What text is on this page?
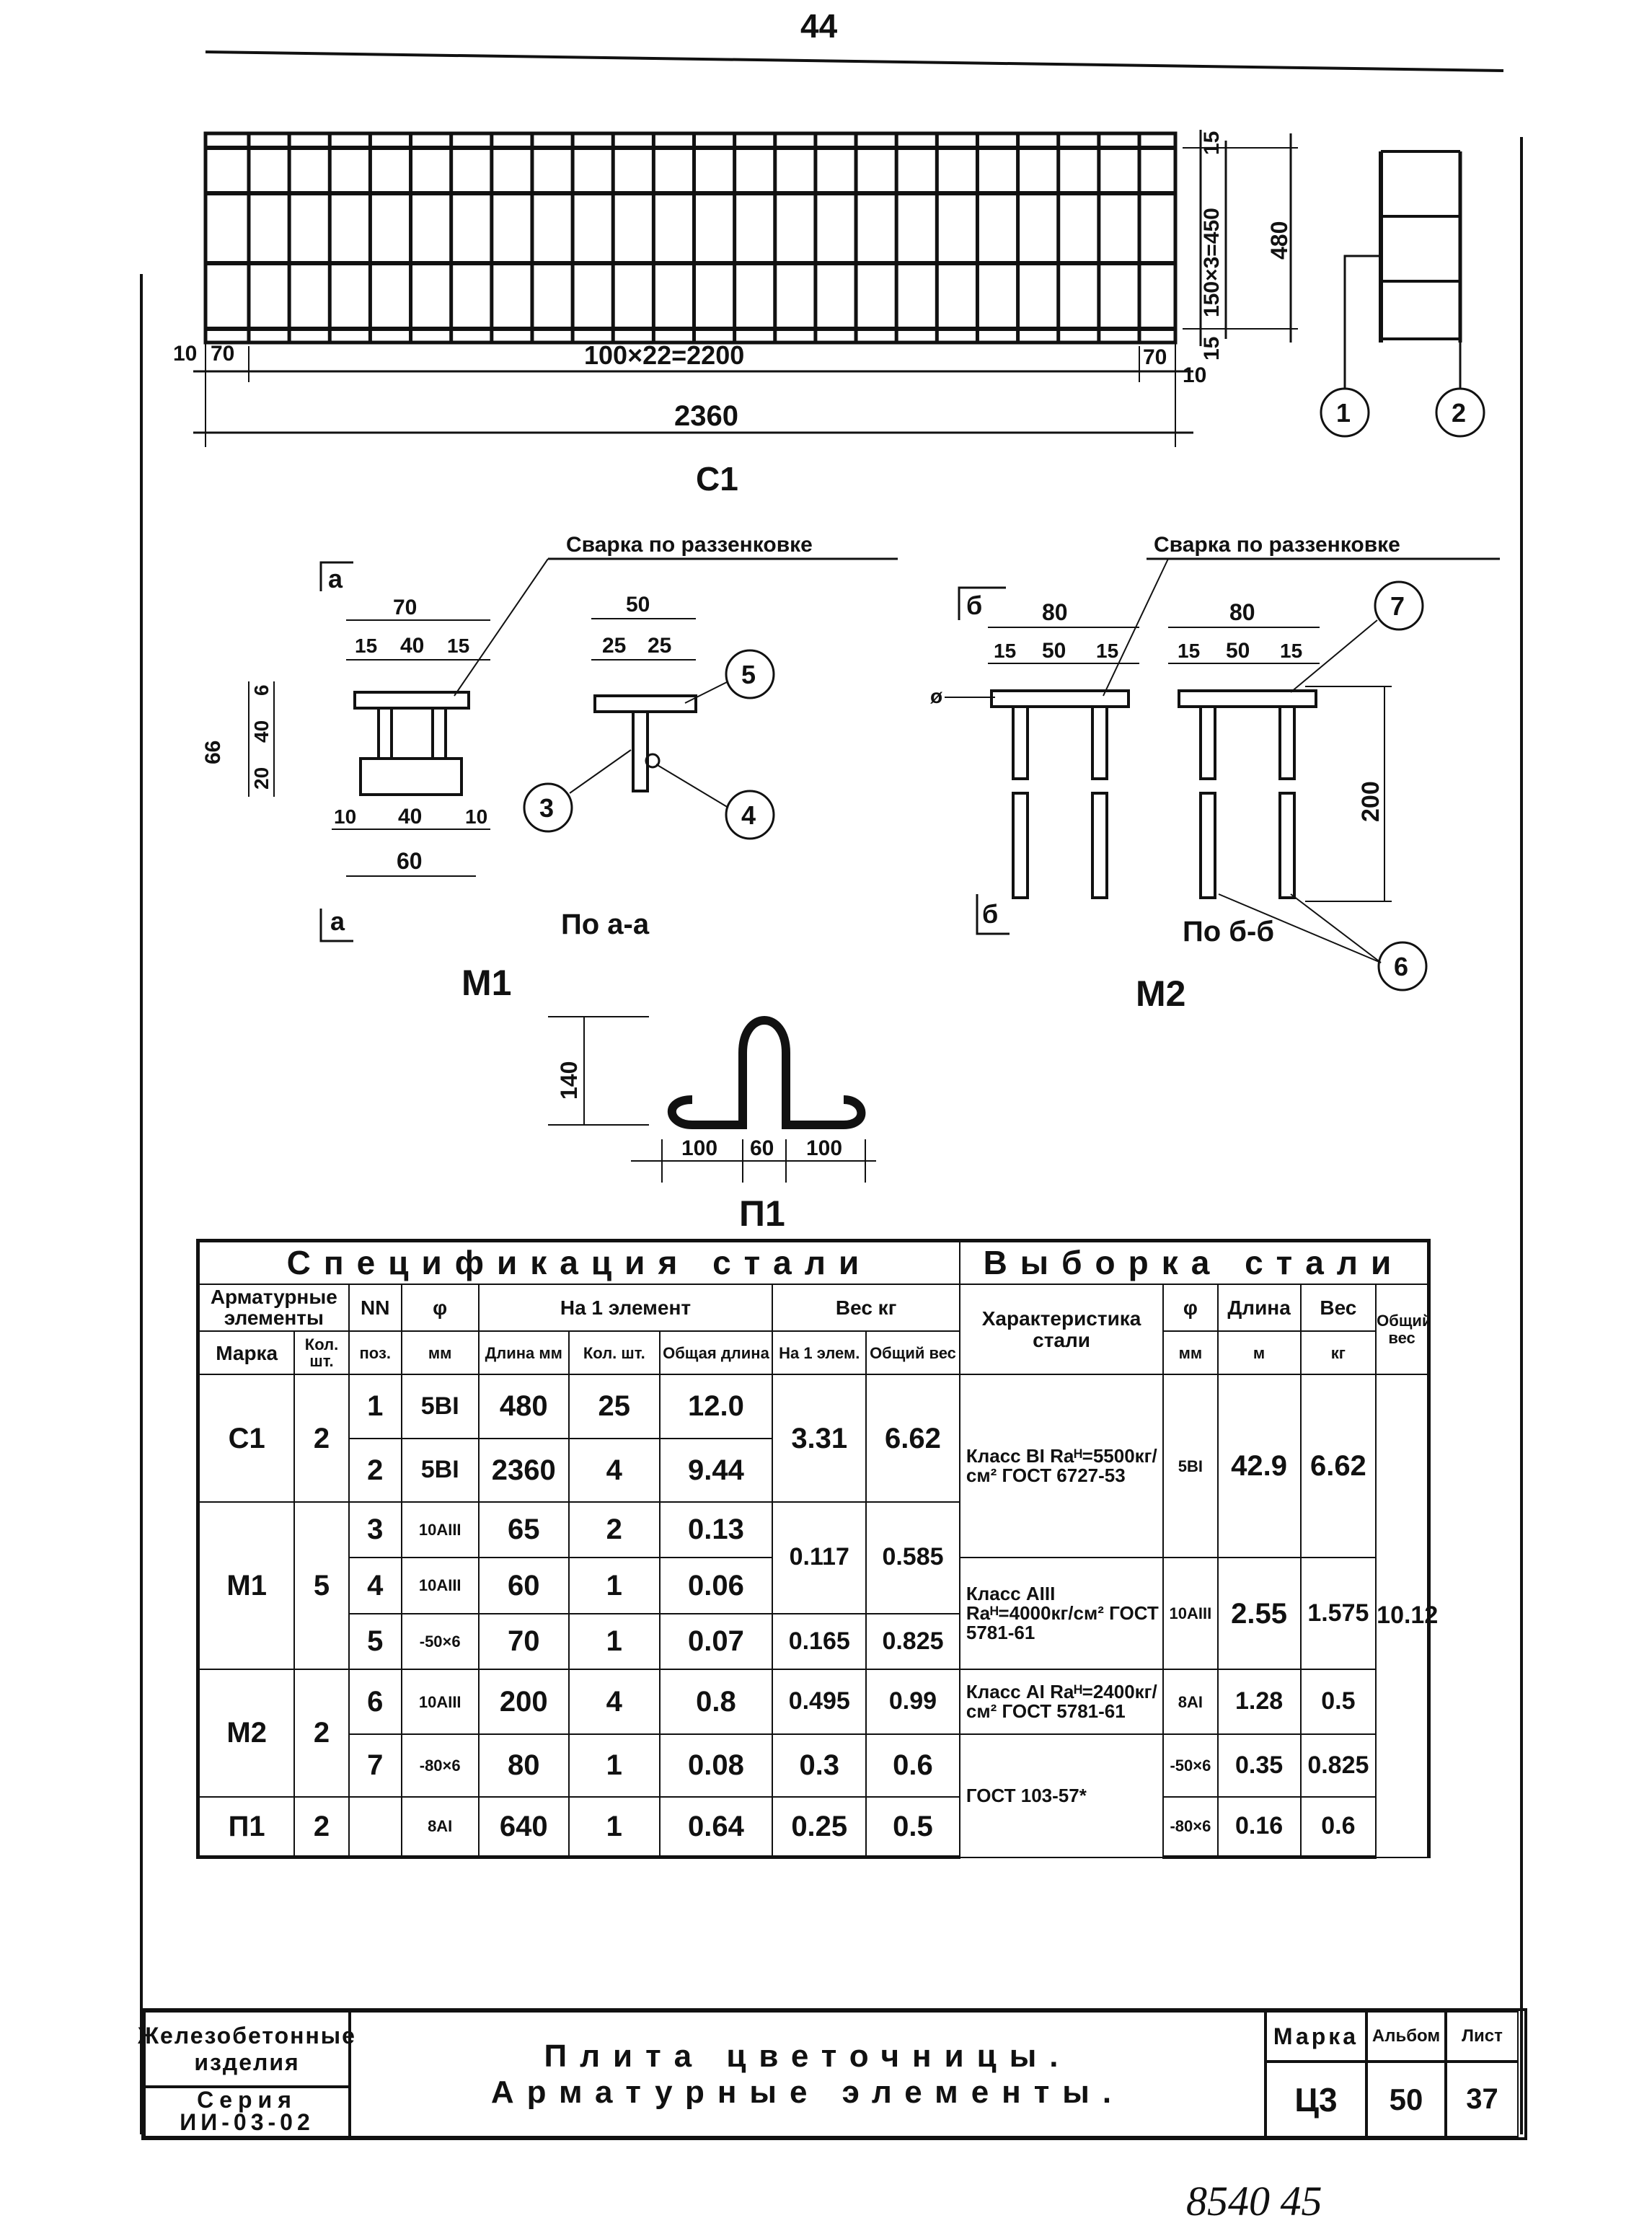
44
15
150×3=450
15
480
10 70	100×22=2200	70
10
2360
С1
1	2
Сварка по раззенковке
а
а
70
15 40 15
66
6
40
20
10 40 10
60
М1
50
25 25
5
3	4
По а-а
Сварка по раззенковке
б
б
80
15 50 15
ø
80
15 50 15
200
7
6
По б-б
М2
140
100 60 100
П1
8540 45
Спецификация стали									Выборка стали				
Арматурные элементы		NN	φ	На 1 элемент			Вес кг		Характеристика стали	φ	Длина	Вес	Общий вес
Марка	Кол. шт.	поз.	мм	Длина мм	Кол. шт.	Общая длина	На 1 элем.	Общий вес		мм	м	кг	
С1	2	1	5BI	480	25	12.0	3.31	6.62	Класс BI Raᴴ=5500кг/см² ГОСТ 6727-53	5BI	42.9	6.62	10.12
		2	5BI	2360	4	9.44							
М1	5	3	10AIII	65	2	0.13	0.117	0.585					
		4	10AIII	60	1	0.06			Класс AIII Raᴴ=4000кг/см² ГОСТ 5781-61	10AIII	2.55	1.575	
		5	-50×6	70	1	0.07	0.165	0.825					
М2	2	6	10AIII	200	4	0.8	0.495	0.99	Класс AI Raᴴ=2400кг/см² ГОСТ 5781-61	8AI	1.28	0.5	
		7	-80×6	80	1	0.08	0.3	0.6	ГОСТ 103-57*	-50×6	0.35	0.825	
П1	2		8AI	640	1	0.64	0.25	0.5		-80×6	0.16	0.6	
Железобетонные изделия
Серия
ИИ-03-02
Плита цветочницы.
Арматурные элементы.
Марка Альбом	Лист
Ц3	50	37
